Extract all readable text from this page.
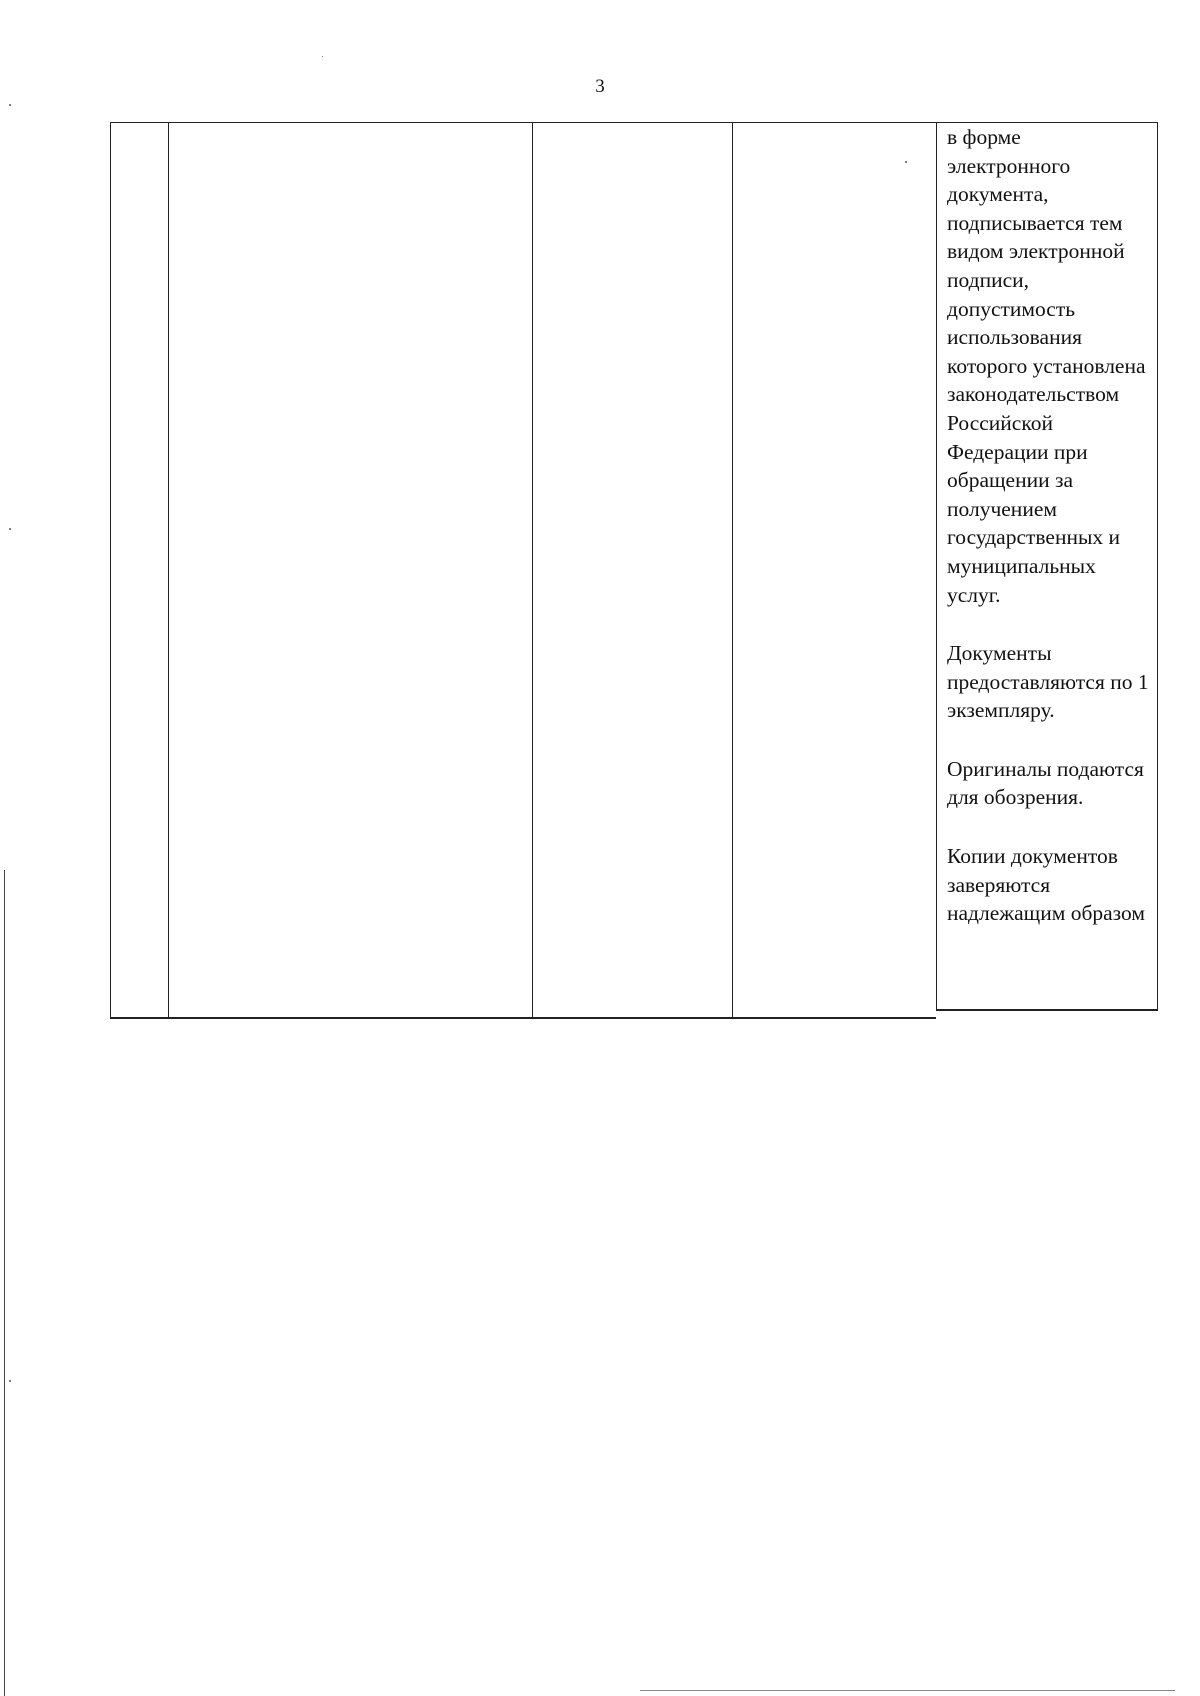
3

в форме электронного документа, подписывается тем видом электронной подписи, допустимость использования которого установлена законодательством Российской Федерации при обращении за получением государственных и муниципальных услуг.

Документы предоставляются по 1 экземпляру.

Оригиналы подаются для обозрения.

Копии документов заверяются надлежащим образом
